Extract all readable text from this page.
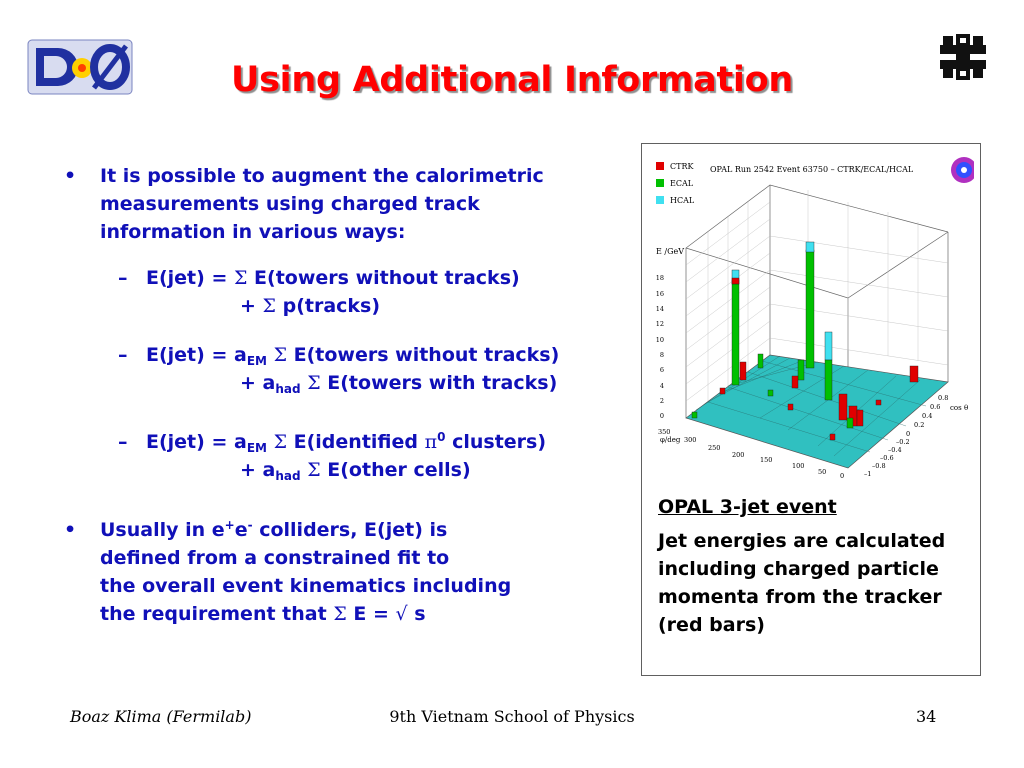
Using Additional Information
• It is possible to augment the calorimetric
measurements using charged track
information in various ways:
– E(jet) = Σ E(towers without tracks)
+ Σ p(tracks)
– $E(jet) = a_{EM}$ Σ E(towers without tracks)
+ $a_{had}$ Σ E(towers with tracks)
– $E(jet) = a_{EM}$ Σ E(identified $\pi^0$ clusters)
+ $a_{had}$ Σ E(other cells)
• Usually in e+e- colliders, E(jet) is
defined from a constrained fit to
the overall event kinematics including
the requirement that Σ E = √ s
CTRK
ECAL
HCAL
OPAL Run 2542 Event 63750 – CTRK/ECAL/HCAL
E /GeV
18
16
14
12
10
8
6
4
2
0
φ/deg
350
300
250
200
150
100
50 0
cos θ
0.8
0.6
0.4
0.2
0
–0.2
–0.4
–0.6
–0.8
–1
OPAL 3-jet event
Jet energies are calculated
including charged particle
momenta from the tracker
(red bars)
Boaz Klima (Fermilab)	9th Vietnam School of Physics	34
